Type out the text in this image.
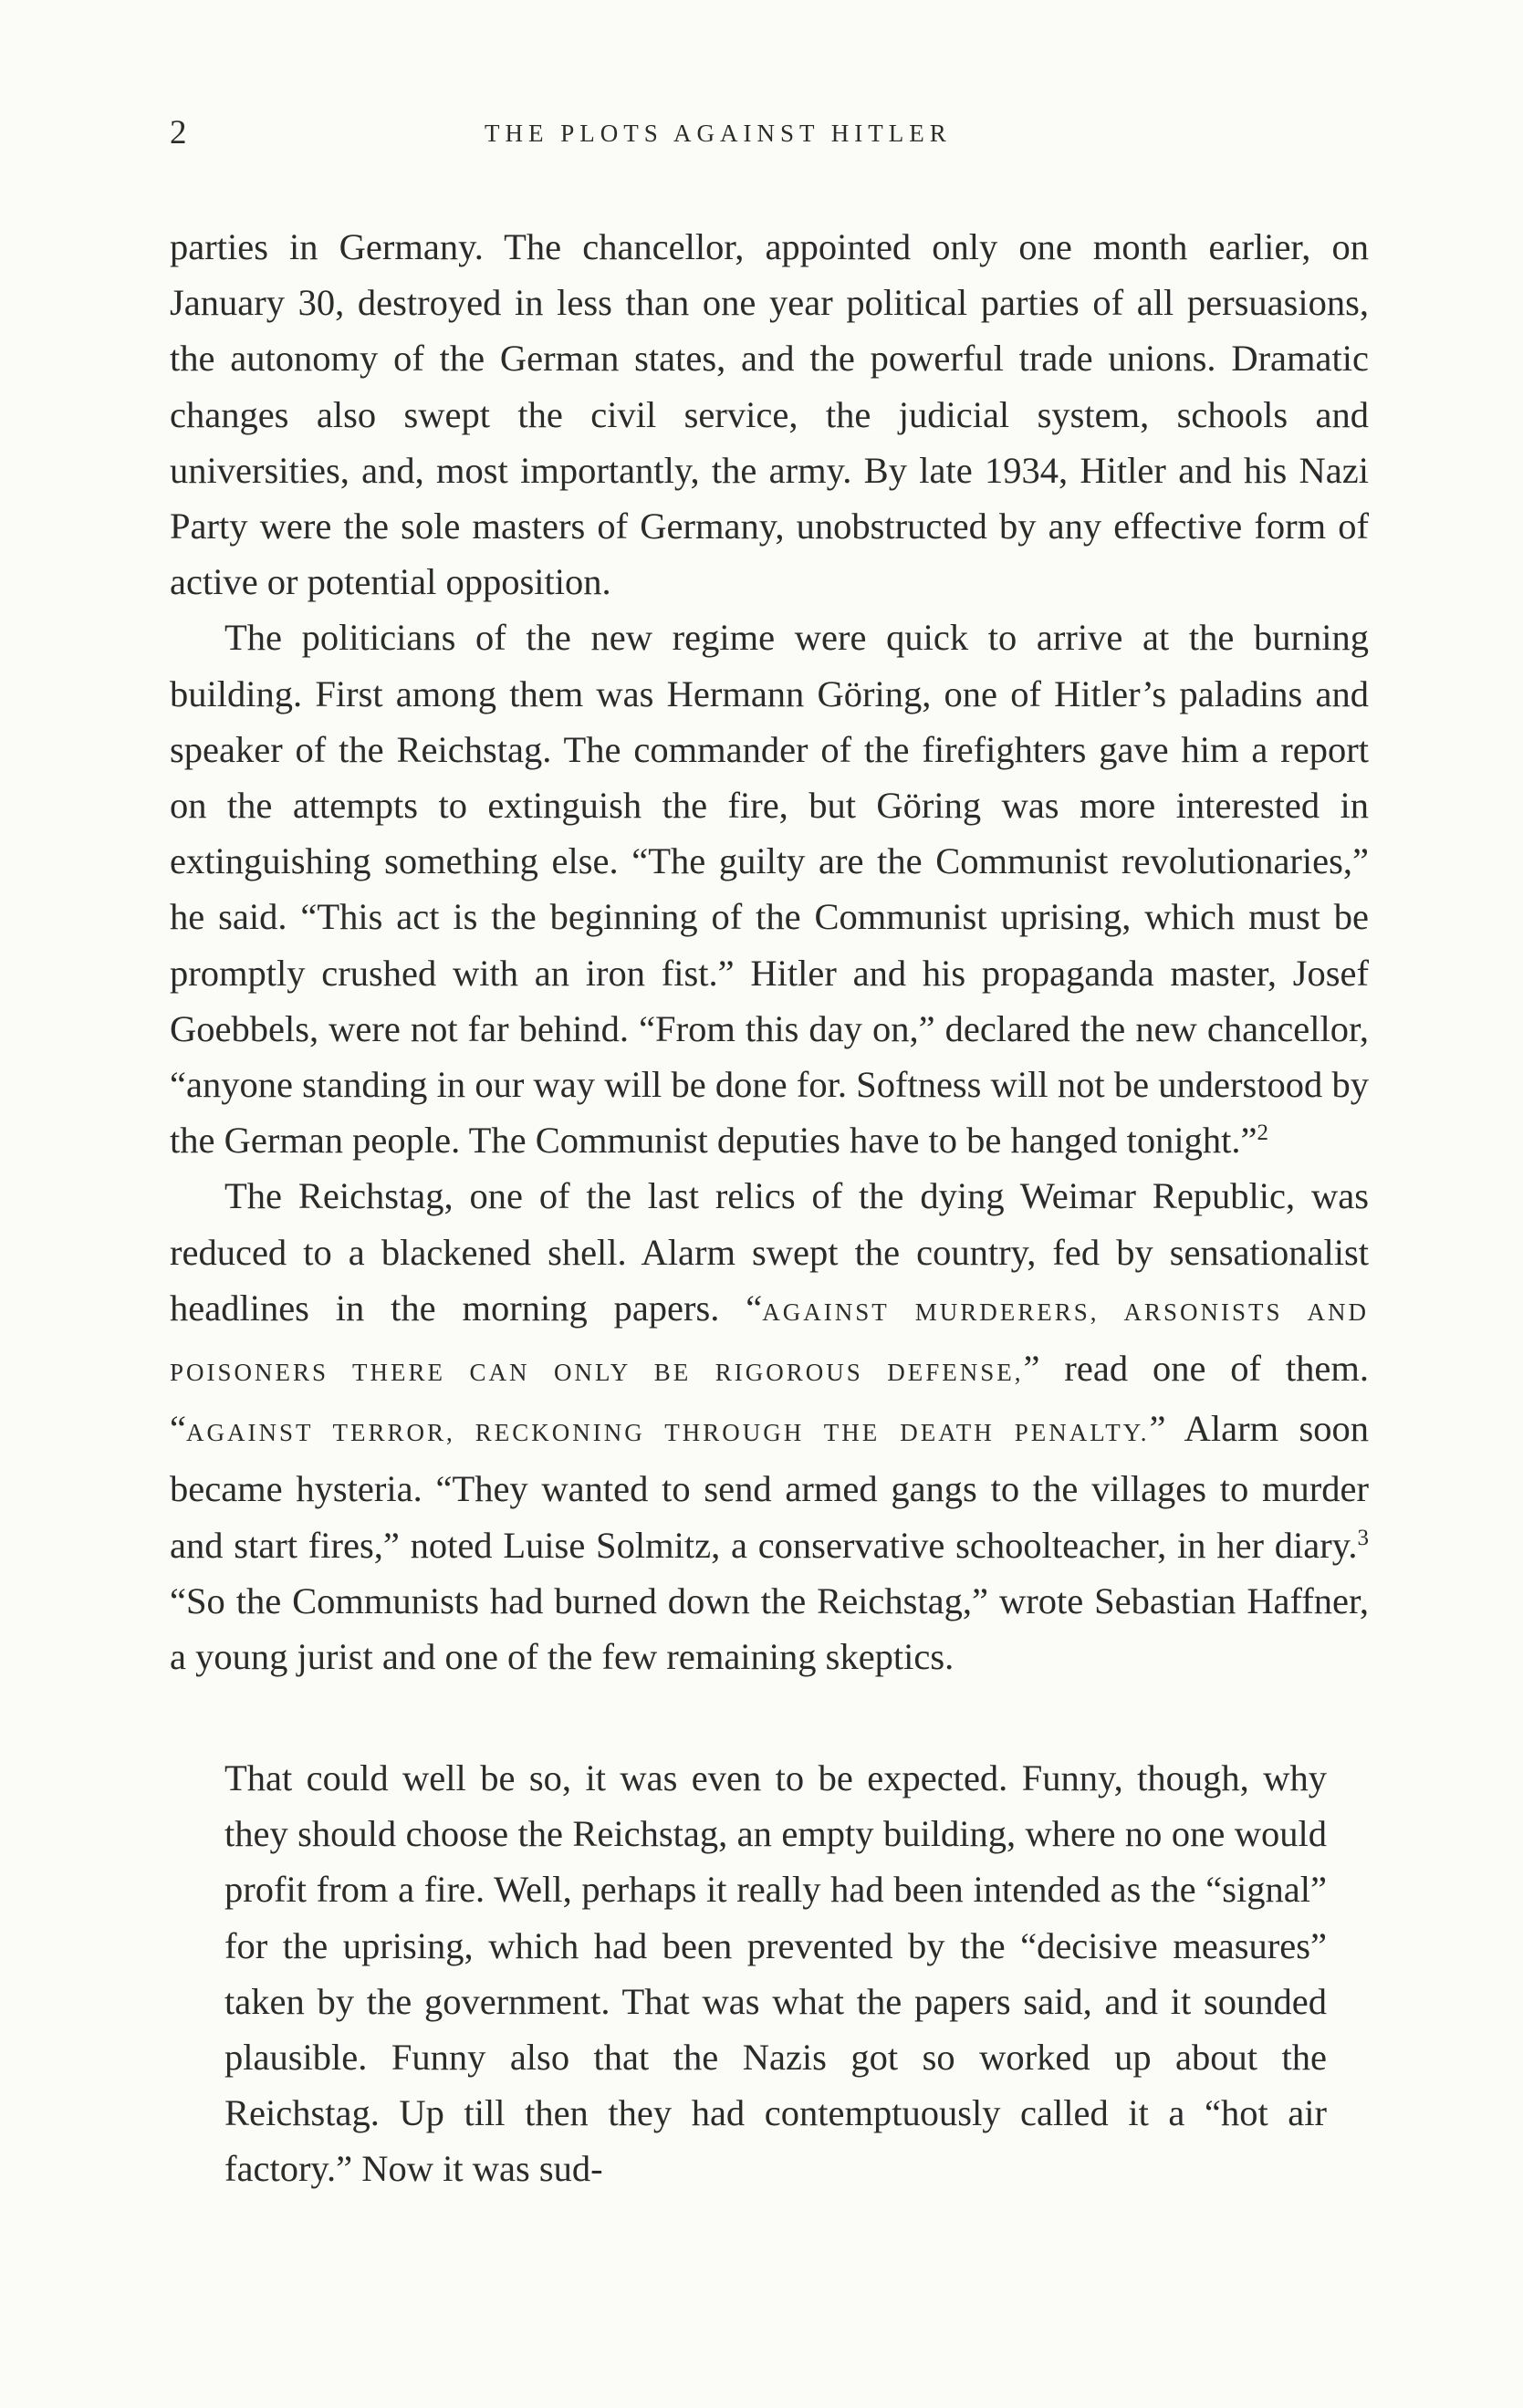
2	THE PLOTS AGAINST HITLER

parties in Germany. The chancellor, appointed only one month earlier, on January 30, destroyed in less than one year political parties of all persuasions, the autonomy of the German states, and the powerful trade unions. Dramatic changes also swept the civil service, the judicial system, schools and universities, and, most importantly, the army. By late 1934, Hitler and his Nazi Party were the sole masters of Germany, unobstructed by any effective form of active or potential opposition.

The politicians of the new regime were quick to arrive at the burning building. First among them was Hermann Göring, one of Hitler’s paladins and speaker of the Reichstag. The commander of the firefighters gave him a report on the attempts to extinguish the fire, but Göring was more interested in extinguishing something else. “The guilty are the Communist revolutionaries,” he said. “This act is the beginning of the Communist uprising, which must be promptly crushed with an iron fist.” Hitler and his propaganda master, Josef Goebbels, were not far behind. “From this day on,” declared the new chancellor, “anyone standing in our way will be done for. Softness will not be understood by the German people. The Communist deputies have to be hanged tonight.”$^2$

The Reichstag, one of the last relics of the dying Weimar Republic, was reduced to a blackened shell. Alarm swept the country, fed by sensationalist headlines in the morning papers. “AGAINST MURDERERS, ARSONISTS AND POISONERS THERE CAN ONLY BE RIGOROUS DEFENSE,” read one of them. “AGAINST TERROR, RECKONING THROUGH THE DEATH PENALTY.” Alarm soon became hysteria. “They wanted to send armed gangs to the villages to murder and start fires,” noted Luise Solmitz, a conservative schoolteacher, in her diary.$^3$ “So the Communists had burned down the Reichstag,” wrote Sebastian Haffner, a young jurist and one of the few remaining skeptics.

That could well be so, it was even to be expected. Funny, though, why they should choose the Reichstag, an empty building, where no one would profit from a fire. Well, perhaps it really had been intended as the “signal” for the uprising, which had been prevented by the “decisive measures” taken by the government. That was what the papers said, and it sounded plausible. Funny also that the Nazis got so worked up about the Reichstag. Up till then they had contemptuously called it a “hot air factory.” Now it was sud-
